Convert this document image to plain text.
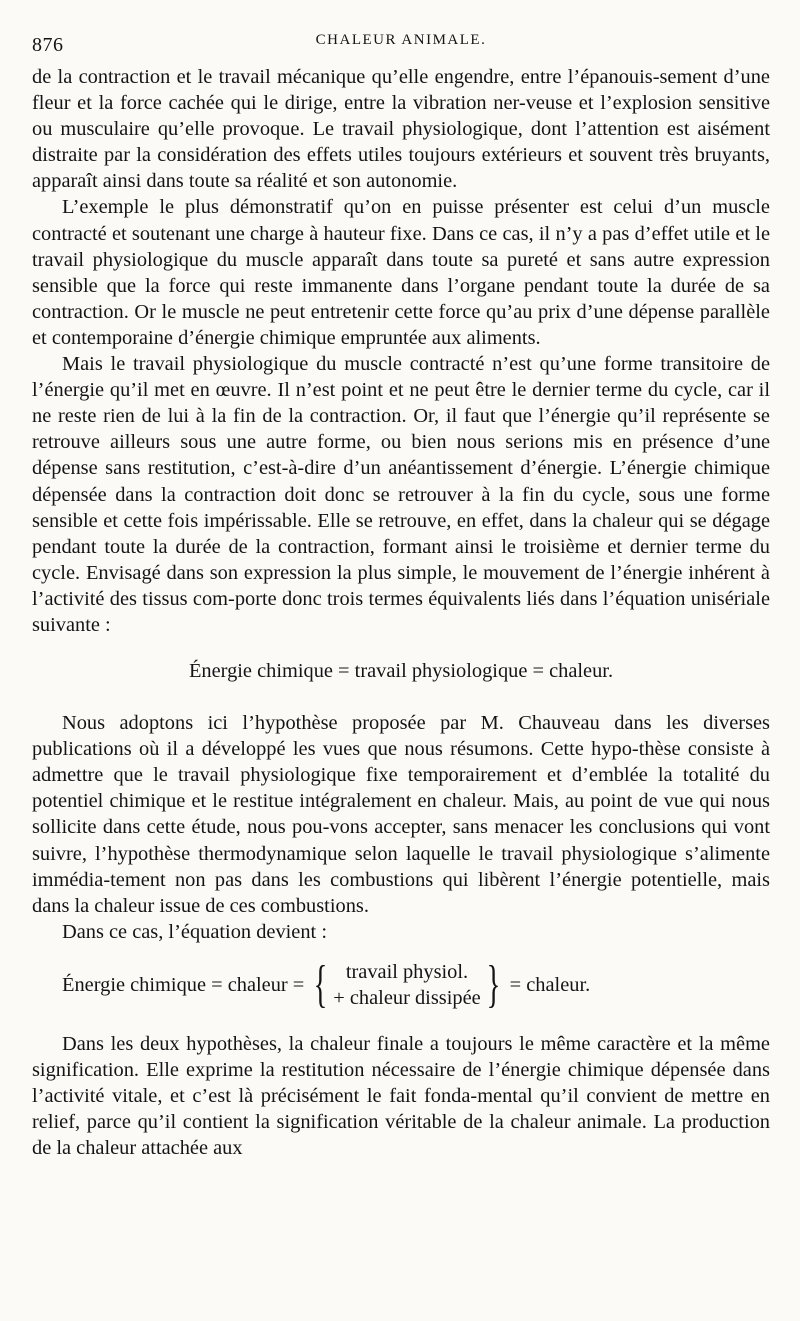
876	CHALEUR ANIMALE.

de la contraction et le travail mécanique qu’elle engendre, entre l’épanouis-sement d’une fleur et la force cachée qui le dirige, entre la vibration ner-veuse et l’explosion sensitive ou musculaire qu’elle provoque. Le travail physiologique, dont l’attention est aisément distraite par la considération des effets utiles toujours extérieurs et souvent très bruyants, apparaît ainsi dans toute sa réalité et son autonomie.

L’exemple le plus démonstratif qu’on en puisse présenter est celui d’un muscle contracté et soutenant une charge à hauteur fixe. Dans ce cas, il n’y a pas d’effet utile et le travail physiologique du muscle apparaît dans toute sa pureté et sans autre expression sensible que la force qui reste immanente dans l’organe pendant toute la durée de sa contraction. Or le muscle ne peut entretenir cette force qu’au prix d’une dépense parallèle et contemporaine d’énergie chimique empruntée aux aliments.

Mais le travail physiologique du muscle contracté n’est qu’une forme transitoire de l’énergie qu’il met en œuvre. Il n’est point et ne peut être le dernier terme du cycle, car il ne reste rien de lui à la fin de la contraction. Or, il faut que l’énergie qu’il représente se retrouve ailleurs sous une autre forme, ou bien nous serions mis en présence d’une dépense sans restitution, c’est-à-dire d’un anéantissement d’énergie. L’énergie chimique dépensée dans la contraction doit donc se retrouver à la fin du cycle, sous une forme sensible et cette fois impérissable. Elle se retrouve, en effet, dans la chaleur qui se dégage pendant toute la durée de la contraction, formant ainsi le troisième et dernier terme du cycle. Envisagé dans son expression la plus simple, le mouvement de l’énergie inhérent à l’activité des tissus com-porte donc trois termes équivalents liés dans l’équation unisériale suivante :

Énergie chimique = travail physiologique = chaleur.

Nous adoptons ici l’hypothèse proposée par M. Chauveau dans les diverses publications où il a développé les vues que nous résumons. Cette hypo-thèse consiste à admettre que le travail physiologique fixe temporairement et d’emblée la totalité du potentiel chimique et le restitue intégralement en chaleur. Mais, au point de vue qui nous sollicite dans cette étude, nous pou-vons accepter, sans menacer les conclusions qui vont suivre, l’hypothèse thermodynamique selon laquelle le travail physiologique s’alimente immédia-tement non pas dans les combustions qui libèrent l’énergie potentielle, mais dans la chaleur issue de ces combustions.

Dans ce cas, l’équation devient :

Énergie chimique = chaleur = { travail physiol.
+ chaleur dissipée } = chaleur.

Dans les deux hypothèses, la chaleur finale a toujours le même caractère et la même signification. Elle exprime la restitution nécessaire de l’énergie chimique dépensée dans l’activité vitale, et c’est là précisément le fait fonda-mental qu’il convient de mettre en relief, parce qu’il contient la signification véritable de la chaleur animale. La production de la chaleur attachée aux
